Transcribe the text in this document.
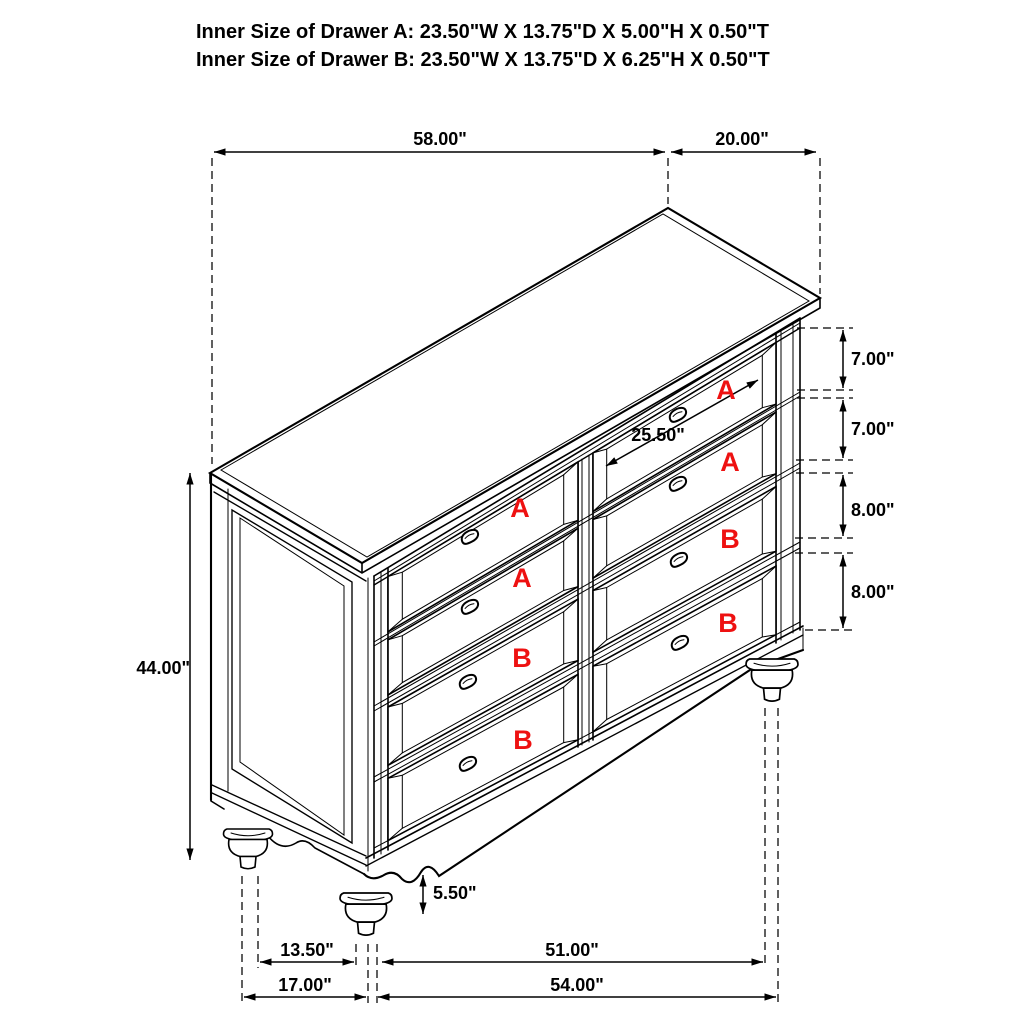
58.00"	20.00"
44.00"
7.00"
7.00"
8.00"
8.00"
25.50"
5.50"
13.50"	51.00"
17.00"	54.00"
A
A
B
B
A
A
B
B
Inner Size of Drawer A: 23.50"W X 13.75"D X 5.00"H X 0.50"T
Inner Size of Drawer B: 23.50"W X 13.75"D X 6.25"H X 0.50"T
